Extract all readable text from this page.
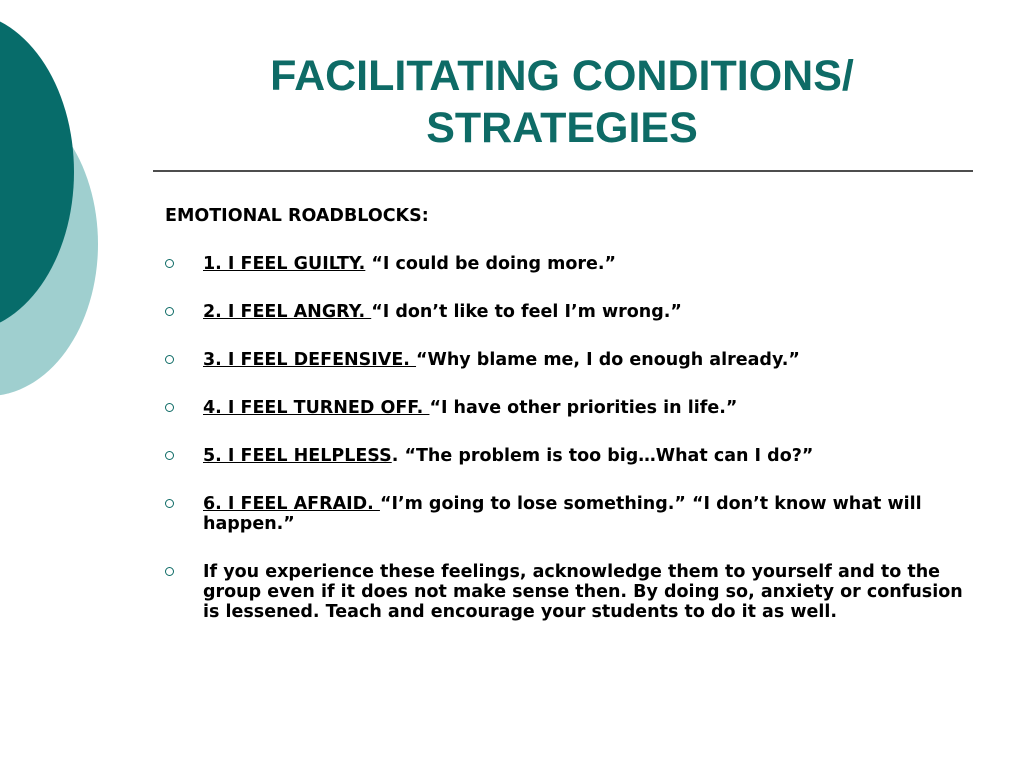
FACILITATING CONDITIONS/
STRATEGIES

EMOTIONAL ROADBLOCKS:

1. I FEEL GUILTY. “I could be doing more.”
2. I FEEL ANGRY. “I don’t like to feel I’m wrong.”
3. I FEEL DEFENSIVE. “Why blame me, I do enough already.”
4. I FEEL TURNED OFF. “I have other priorities in life.”
5. I FEEL HELPLESS. “The problem is too big…What can I do?”
6. I FEEL AFRAID. “I’m going to lose something.” “I don’t know what will happen.”
If you experience these feelings, acknowledge them to yourself and to the group even if it does not make sense then. By doing so, anxiety or confusion is lessened. Teach and encourage your students to do it as well.
